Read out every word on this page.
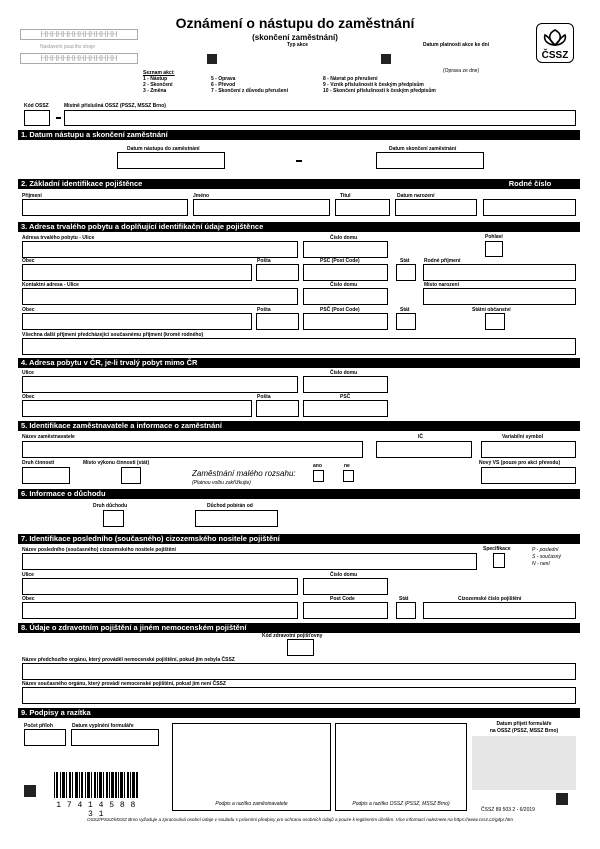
HHHHHHHHHHHHHH
Nastavení psacího stroje
HHHHHHHHHHHHHH
Oznámení o nástupu do zaměstnání
(skončení zaměstnání)
Typ akce	Datum platnosti akce ke dni
(Oprava ze dne)
ČSSZ
Seznam akcí:
1 - Nástup
2 - Skončení
3 - Změna
5 - Oprava
6 - Převod
7 - Skončení z důvodu přerušení
8 - Návrat po přerušení
9 - Vznik příslušnosti k českým předpisům
10 - Skončení příslušnosti k českým předpisům
Kód OSSZ	Místně příslušná OSSZ (PSSZ, MSSZ Brno)
1. Datum nástupu a skončení zaměstnání
Datum nástupu do zaměstnání	Datum skončení zaměstnání
2. Základní identifikace pojištěnce	Rodné číslo
Příjmení	Jméno	Titul	Datum narození
3. Adresa trvalého pobytu a doplňující identifikační údaje pojištěnce
Adresa trvalého pobytu - Ulice	Číslo domu	Pohlaví
Obec	Pošta	PSČ (Post Code)	Stát	Rodné příjmení
Kontaktní adresa - Ulice	Číslo domu	Místo narození
Obec	Pošta	PSČ (Post Code)	Stát	Státní občanství
Všechna další příjmení předcházející současnému příjmení (kromě rodného)
4. Adresa pobytu v ČR, je-li trvalý pobyt mimo ČR
Ulice	Číslo domu
Obec	Pošta	PSČ
5. Identifikace zaměstnavatele a informace o zaměstnání
Název zaměstnavatele	IČ	Variabilní symbol
Druh činnosti	Místo výkonu činnosti (stát)
Zaměstnání malého rozsahu:
(Platnou volbu zakřížkujte)
ano	ne	Nový VS (pouze pro akci převodu)
6. Informace o důchodu
Druh důchodu	Důchod pobírán od
7. Identifikace posledního (současného) cizozemského nositele pojištění
Název posledního (současného) cizozemského nositele pojištění	Specifikace	P - poslední
S - současný
N - není
Ulice	Číslo domu
Obec	Post Code	Stát	Cizozemské číslo pojištění
8. Údaje o zdravotním pojištění a jiném nemocenském pojištění
Kód zdravotní pojišťovny
Název předchozího orgánu, který prováděl nemocenské pojištění, pokud jím nebyla ČSSZ
Název současného orgánu, který provádí nemocenské pojištění, pokud jím není ČSSZ
9. Podpisy a razítka
Počet příloh	Datum vyplnění formuláře
Podpis a razítko zaměstnavatele	Podpis a razítko OSSZ (PSSZ, MSSZ Brno)
Datum přijetí formuláře
na OSSZ (PSSZ, MSSZ Brno)
1 7 4 1 4 5 8 8 3 1	ČSSZ 89 503 2 - 6/2019
OSSZ/PSSZ/MSSZ Brno vyžaduje a zpracovává osobní údaje v souladu s právními předpisy pro ochranu osobních údajů a pouze k legitimním účelům. Více informací naleznete na https://www.cssz.cz/gdpr.htm
